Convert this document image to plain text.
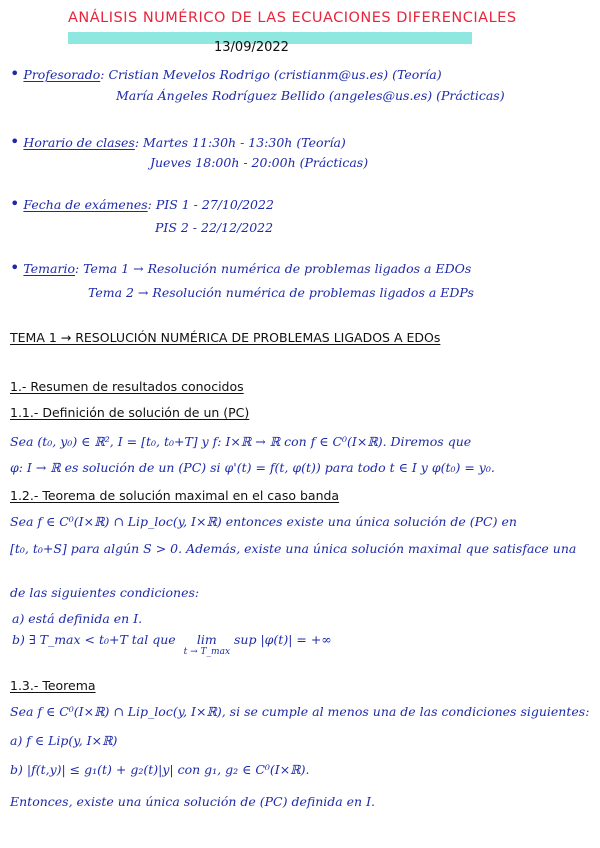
ANÁLISIS NUMÉRICO DE LAS ECUACIONES DIFERENCIALES
13/09/2022
• Profesorado: Cristian Mevelos Rodrigo (cristianm@us.es) (Teoría)
María Ángeles Rodríguez Bellido (angeles@us.es) (Prácticas)
• Horario de clases: Martes 11:30h - 13:30h (Teoría)
Jueves 18:00h - 20:00h (Prácticas)
• Fecha de exámenes: PIS 1 - 27/10/2022
PIS 2 - 22/12/2022
• Temario: Tema 1 → Resolución numérica de problemas ligados a EDOs
Tema 2 → Resolución numérica de problemas ligados a EDPs
TEMA 1 → RESOLUCIÓN NUMÉRICA DE PROBLEMAS LIGADOS A EDOs
1.- Resumen de resultados conocidos
1.1.- Definición de solución de un (PC)
Sea (t₀, y₀) ∈ ℝ², I = [t₀, t₀+T] y f: I×ℝ → ℝ con f ∈ C⁰(I×ℝ). Diremos que
φ: I → ℝ es solución de un (PC) si φ'(t) = f(t, φ(t)) para todo t ∈ I y φ(t₀) = y₀.
1.2.- Teorema de solución maximal en el caso banda
Sea f ∈ C⁰(I×ℝ) ∩ Lip_loc(y, I×ℝ) entonces existe una única solución de (PC) en
[t₀, t₀+S] para algún S > 0. Además, existe una única solución maximal que satisface una
de las siguientes condiciones:
a) está definida en I.
b) ∃ T_max < t₀+T tal que	lim
t → T_max
sup |φ(t)| = +∞
1.3.- Teorema
Sea f ∈ C⁰(I×ℝ) ∩ Lip_loc(y, I×ℝ), si se cumple al menos una de las condiciones siguientes:
a) f ∈ Lip(y, I×ℝ)
b) |f(t,y)| ≤ g₁(t) + g₂(t)|y| con g₁, g₂ ∈ C⁰(I×ℝ).
Entonces, existe una única solución de (PC) definida en I.
